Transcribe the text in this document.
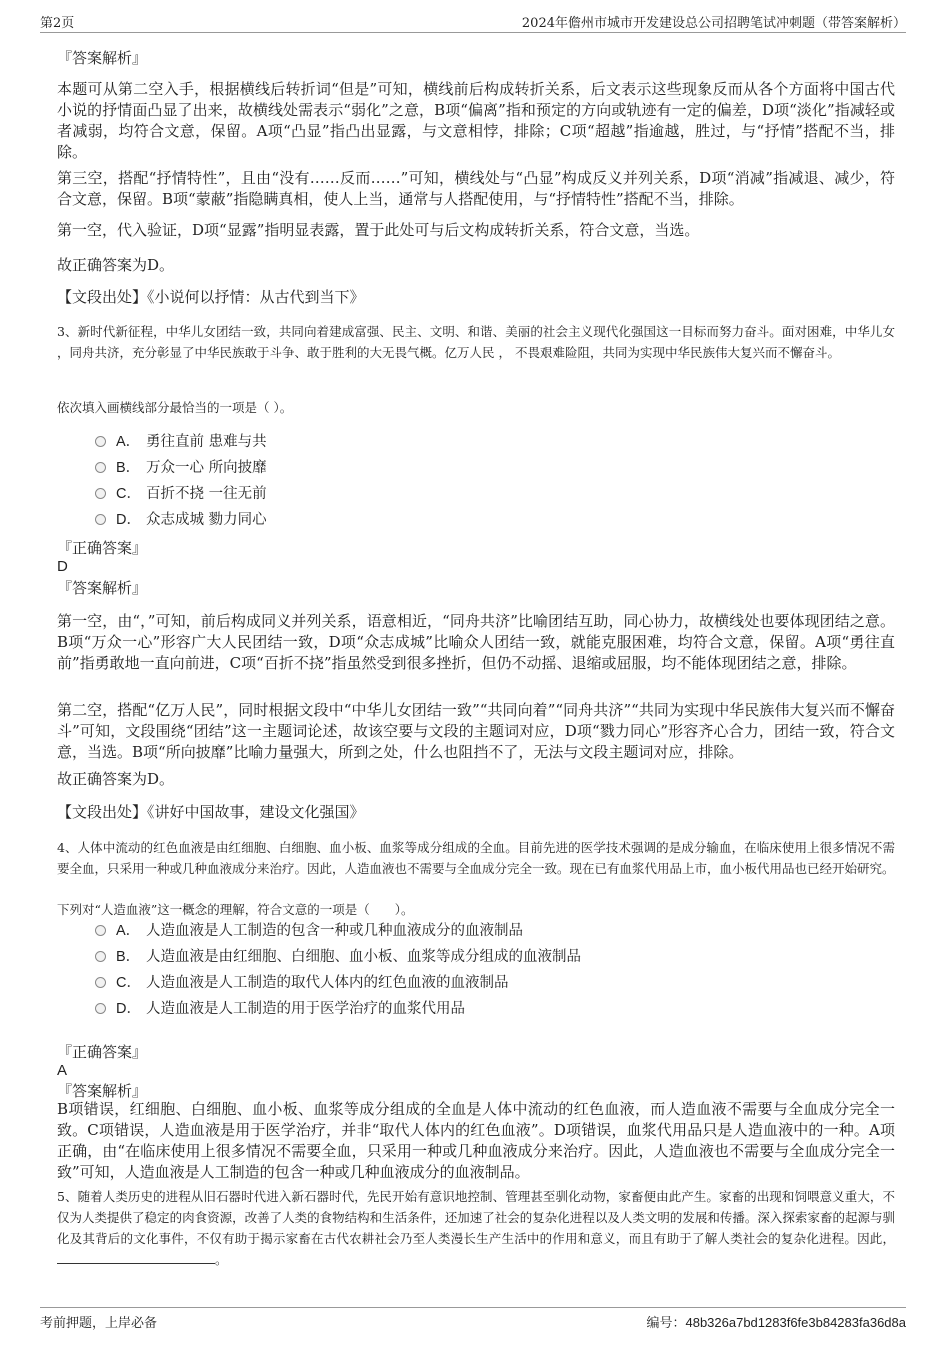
第2页	2024年儋州市城市开发建设总公司招聘笔试冲刺题（带答案解析）
『答案解析』
本题可从第二空入手，根据横线后转折词“但是”可知，横线前后构成转折关系，后文表示这些现象反而从各个方面将中国古代小说的抒情面凸显了出来，故横线处需表示“弱化”之意，B项“偏离”指和预定的方向或轨迹有一定的偏差，D项“淡化”指减轻或者减弱，均符合文意，保留。A项“凸显”指凸出显露，与文意相悖，排除；C项“超越”指逾越，胜过，与“抒情”搭配不当，排除。
第三空，搭配“抒情特性”，且由“没有……反而……”可知，横线处与“凸显”构成反义并列关系，D项“消减”指减退、减少，符合文意，保留。B项“蒙蔽”指隐瞒真相，使人上当，通常与人搭配使用，与“抒情特性”搭配不当，排除。
第一空，代入验证，D项“显露”指明显表露，置于此处可与后文构成转折关系，符合文意，当选。
故正确答案为D。
【文段出处】《小说何以抒情：从古代到当下》
3、新时代新征程，中华儿女团结一致，共同向着建成富强、民主、文明、和谐、美丽的社会主义现代化强国这一目标而努力奋斗。面对困难，中华儿女 ，同舟共济，充分彰显了中华民族敢于斗争、敢于胜利的大无畏气概。亿万人民 ， 不畏艰难险阻，共同为实现中华民族伟大复兴而不懈奋斗。
依次填入画横线部分最恰当的一项是（ ）。
A． 勇往直前 患难与共
B． 万众一心 所向披靡
C． 百折不挠 一往无前
D． 众志成城 勠力同心
『正确答案』
D
『答案解析』
第一空，由“，”可知，前后构成同义并列关系，语意相近，“同舟共济”比喻团结互助，同心协力，故横线处也要体现团结之意。B项“万众一心”形容广大人民团结一致，D项“众志成城”比喻众人团结一致，就能克服困难，均符合文意，保留。A项“勇往直前”指勇敢地一直向前进，C项“百折不挠”指虽然受到很多挫折，但仍不动摇、退缩或屈服，均不能体现团结之意，排除。
第二空，搭配“亿万人民”，同时根据文段中“中华儿女团结一致”“共同向着”“同舟共济”“共同为实现中华民族伟大复兴而不懈奋斗”可知，文段围绕“团结”这一主题词论述，故该空要与文段的主题词对应，D项“戮力同心”形容齐心合力，团结一致，符合文意，当选。B项“所向披靡”比喻力量强大，所到之处，什么也阻挡不了，无法与文段主题词对应，排除。
故正确答案为D。
【文段出处】《讲好中国故事，建设文化强国》
4、人体中流动的红色血液是由红细胞、白细胞、血小板、血浆等成分组成的全血。目前先进的医学技术强调的是成分输血，在临床使用上很多情况不需要全血，只采用一种或几种血液成分来治疗。因此，人造血液也不需要与全血成分完全一致。现在已有血浆代用品上市，血小板代用品也已经开始研究。
下列对“人造血液”这一概念的理解，符合文意的一项是（　　）。
A． 人造血液是人工制造的包含一种或几种血液成分的血液制品
B． 人造血液是由红细胞、白细胞、血小板、血浆等成分组成的血液制品
C． 人造血液是人工制造的取代人体内的红色血液的血液制品
D． 人造血液是人工制造的用于医学治疗的血浆代用品
『正确答案』
A
『答案解析』
B项错误，红细胞、白细胞、血小板、血浆等成分组成的全血是人体中流动的红色血液，而人造血液不需要与全血成分完全一致。C项错误，人造血液是用于医学治疗，并非“取代人体内的红色血液”。D项错误，血浆代用品只是人造血液中的一种。A项正确，由“在临床使用上很多情况不需要全血，只采用一种或几种血液成分来治疗。因此，人造血液也不需要与全血成分完全一致”可知，人造血液是人工制造的包含一种或几种血液成分的血液制品。
5、随着人类历史的进程从旧石器时代进入新石器时代，先民开始有意识地控制、管理甚至驯化动物，家畜便由此产生。家畜的出现和饲喂意义重大，不仅为人类提供了稳定的肉食资源，改善了人类的食物结构和生活条件，还加速了社会的复杂化进程以及人类文明的发展和传播。深入探索家畜的起源与驯化及其背后的文化事件，不仅有助于揭示家畜在古代农耕社会乃至人类漫长生产生活中的作用和意义，而且有助于了解人类社会的复杂化进程。因此，。
考前押题，上岸必备	编号：48b326a7bd1283f6fe3b84283fa36d8a
